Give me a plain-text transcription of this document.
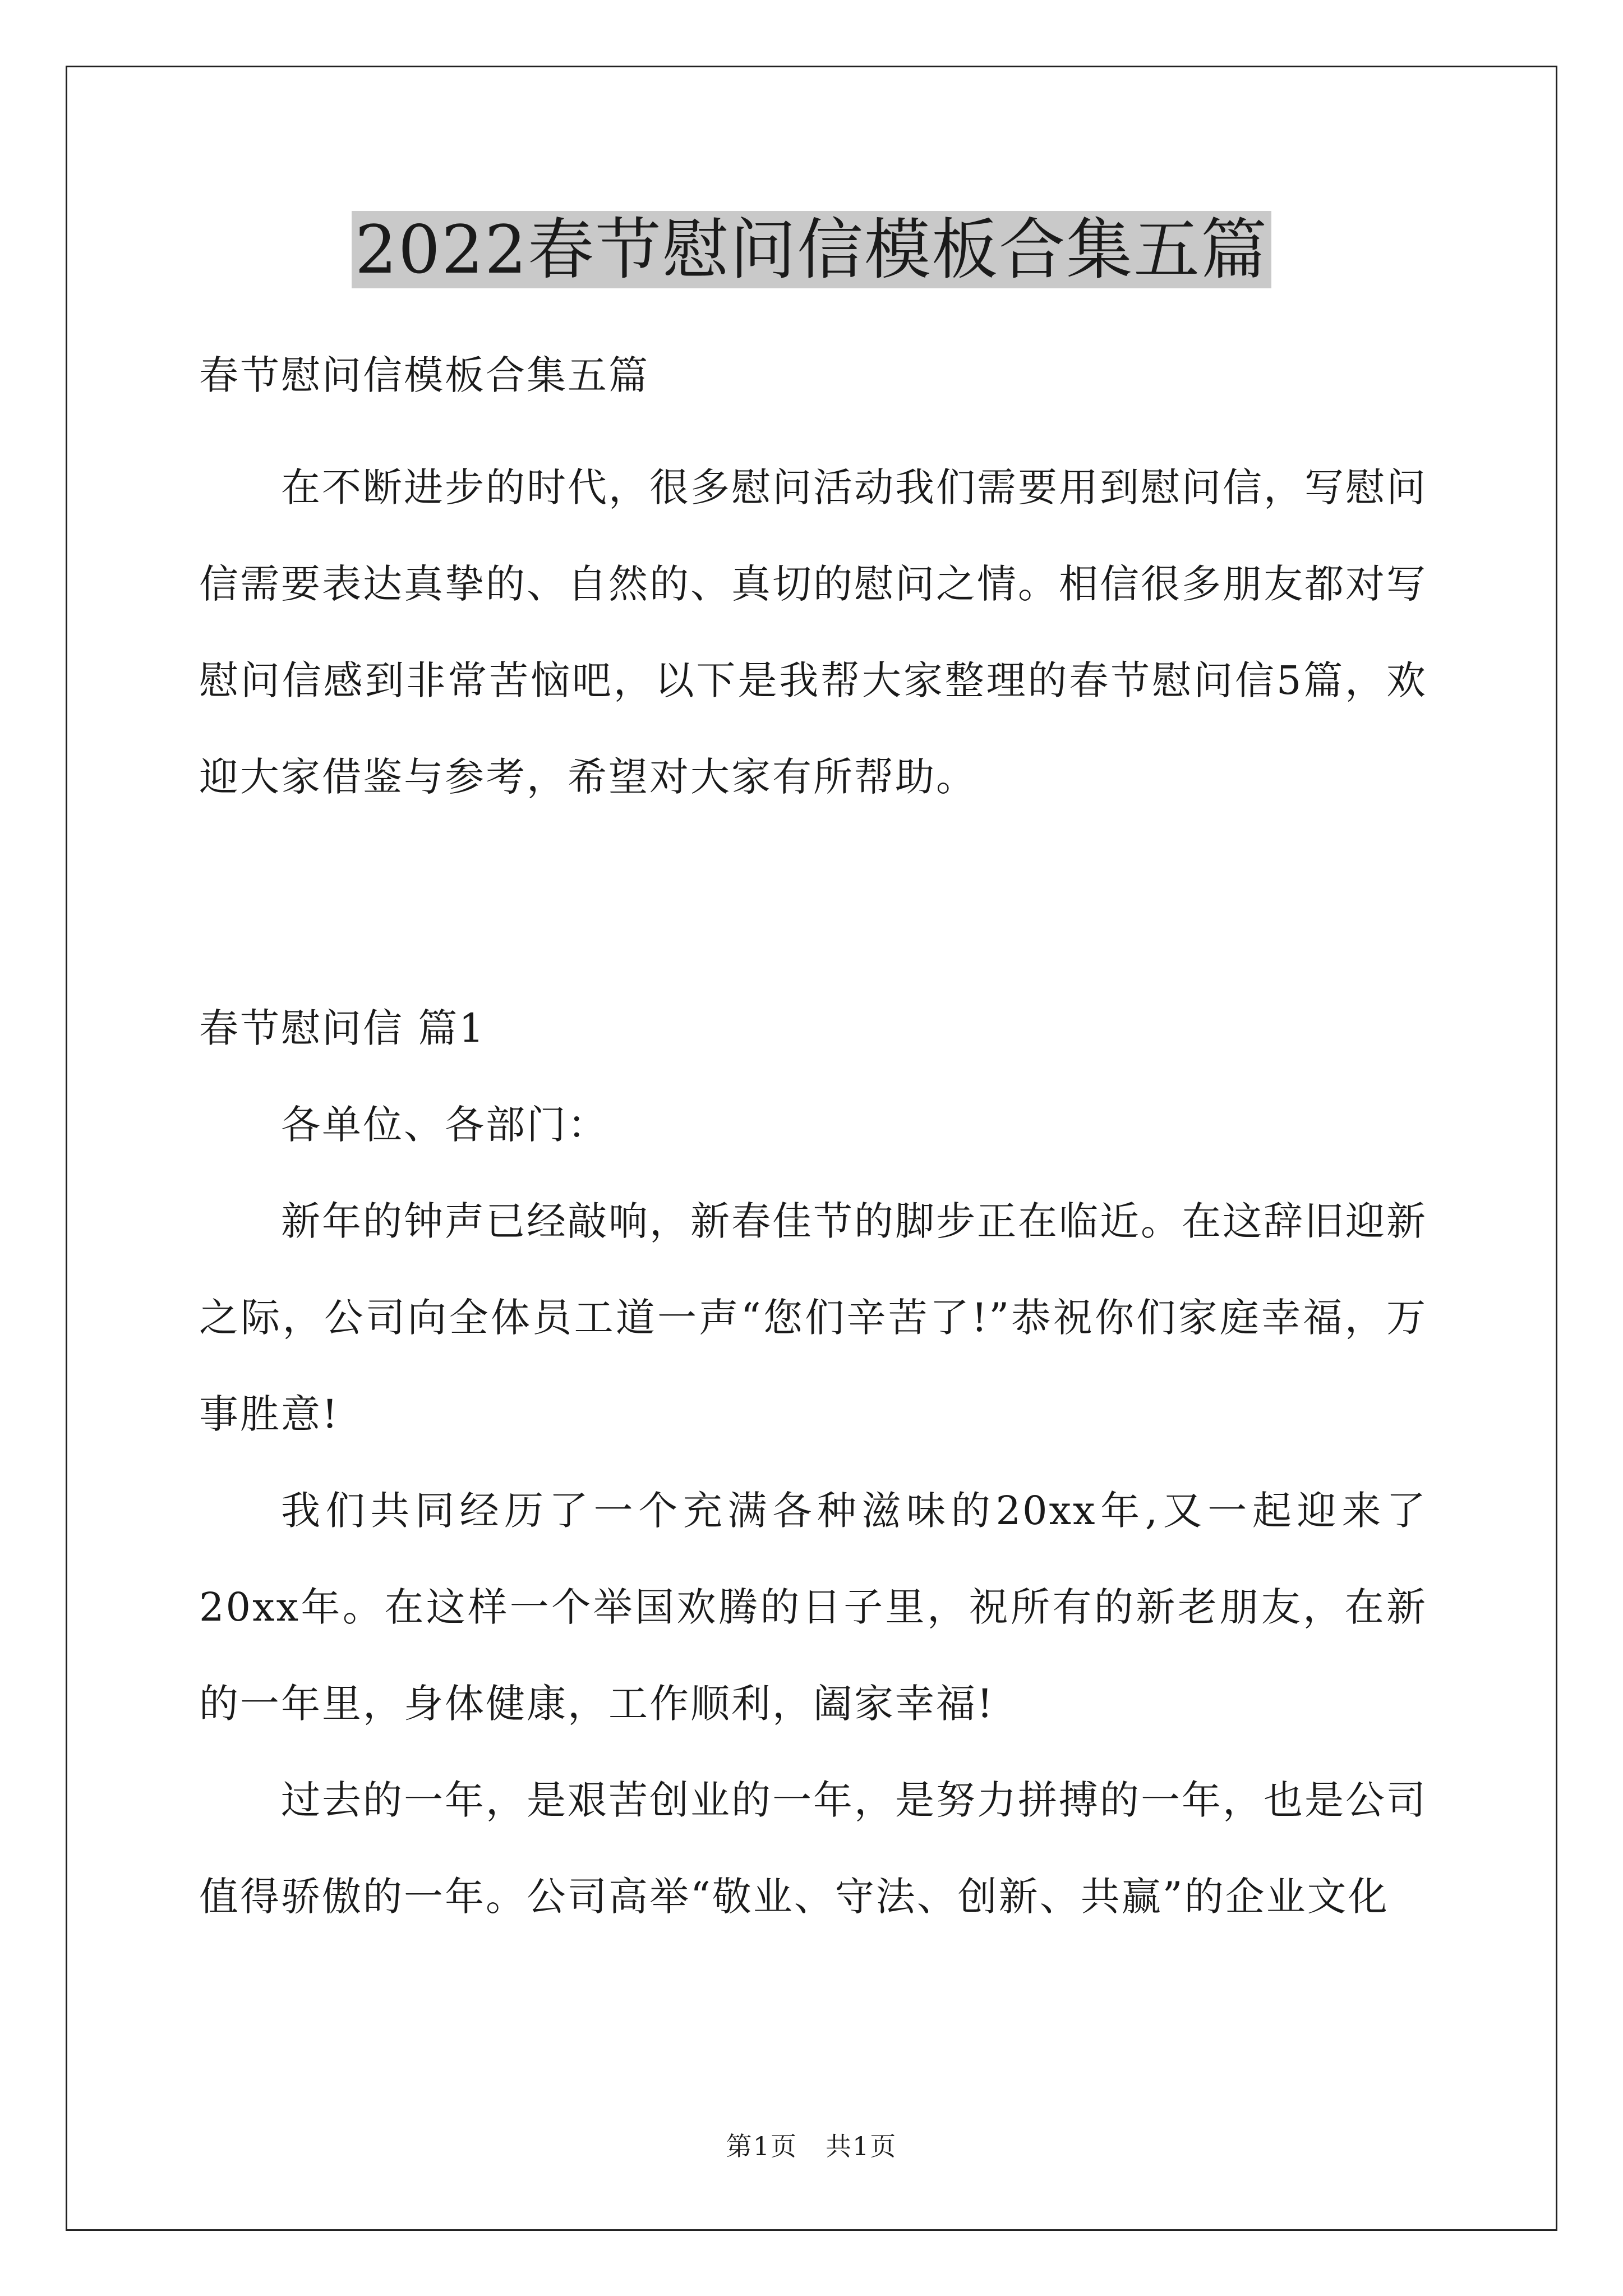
2022春节慰问信模板合集五篇

春节慰问信模板合集五篇

在不断进步的时代，很多慰问活动我们需要用到慰问信，写慰问信需要表达真挚的、自然的、真切的慰问之情。相信很多朋友都对写慰问信感到非常苦恼吧，以下是我帮大家整理的春节慰问信5篇，欢迎大家借鉴与参考，希望对大家有所帮助。

春节慰问信 篇1

各单位、各部门：

新年的钟声已经敲响，新春佳节的脚步正在临近。在这辞旧迎新之际，公司向全体员工道一声“您们辛苦了!”恭祝你们家庭幸福，万事胜意!

我们共同经历了一个充满各种滋味的20xx年,又一起迎来了20xx年。在这样一个举国欢腾的日子里，祝所有的新老朋友，在新的一年里，身体健康，工作顺利，阖家幸福!

过去的一年，是艰苦创业的一年，是努力拼搏的一年，也是公司值得骄傲的一年。公司高举“敬业、守法、创新、共赢”的企业文化

第1页 共1页
